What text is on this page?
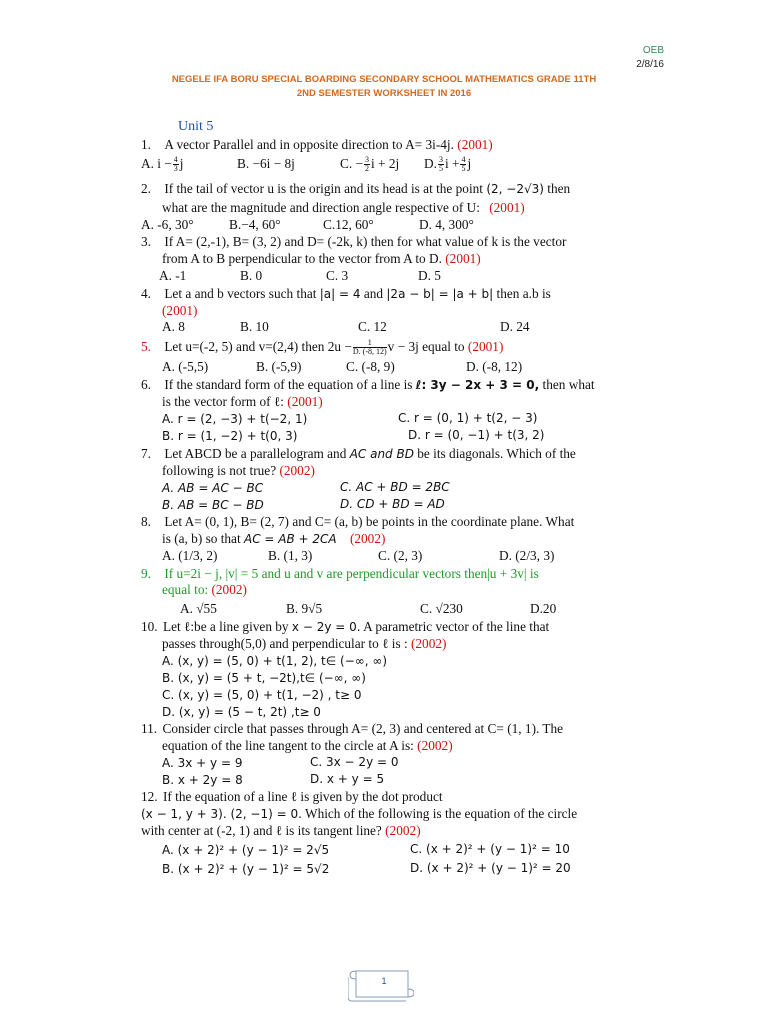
OEB
2/8/16
NEGELE IFA BORU SPECIAL BOARDING SECONDARY SCHOOL MATHEMATICS GRADE 11TH
2ND SEMESTER WORKSHEET IN 2016
Unit 5
1. A vector Parallel and in opposite direction to A= 3i-4j. (2001)
A. $i - \frac{4}{3}$ j	B. −6i − 8j	C. − $\frac{3}{2}$ i + 2j D. $\frac{3}{5}$ $i + \frac{4}{5}$ j
2. If the tail of vector u is the origin and its head is at the point (2, −2√3) then
what are the magnitude and direction angle respective of U: (2001)
A. -6, 30°	B.−4, 60°	C.12, 60°	D. 4, 300°
3. If A= (2,-1), B= (3, 2) and D= (-2k, k) then for what value of k is the vector
from A to B perpendicular to the vector from A to D. (2001)
A. -1	B. 0	C. 3	D. 5
4. Let a and b vectors such that |a| = 4 and |2a − b| = |a + b| then a.b is
(2001)
A. 8	B. 10	C. 12	D. 24
5. Let u=(-2, 5) and v=(2,4) then $2u - \frac{1}{D. (-8, 12)}$ v − 3j equal to (2001)
A. (-5,5)	B. (-5,9)	C. (-8, 9)	D. (-8, 12)
6. If the standard form of the equation of a line is ℓ: 3y − 2x + 3 = 0, then what
is the vector form of ℓ: (2001)
A. r = (2, −3) + t(−2, 1)	C. r = (0, 1) + t(2, − 3)
B. r = (1, −2) + t(0, 3)	D. r = (0, −1) + t(3, 2)
7. Let ABCD be a parallelogram and AC and BD be its diagonals. Which of the
following is not true? (2002)
A. AB = AC − BC	C. AC + BD = 2BC
B. AB = BC − BD	D. CD + BD = AD
8. Let A= (0, 1), B= (2, 7) and C= (a, b) be points in the coordinate plane. What
is (a, b) so that AC = AB + 2CA (2002)
A. (1/3, 2)	B. (1, 3)	C. (2, 3)	D. (2/3, 3)
9. If u=2i − j, |v| = 5 and u and v are perpendicular vectors then|u + 3v| is
equal to: (2002)
A. √55	B. 9√5	C. √230	D.20
10. Let ℓ:be a line given by x − 2y = 0. A parametric vector of the line that
passes through(5,0) and perpendicular to ℓ is : (2002)
A. (x, y) = (5, 0) + t(1, 2), t∈ (−∞, ∞)
B. (x, y) = (5 + t, −2t),t∈ (−∞, ∞)
C. (x, y) = (5, 0) + t(1, −2) , t≥ 0
D. (x, y) = (5 − t, 2t) ,t≥ 0
11. Consider circle that passes through A= (2, 3) and centered at C= (1, 1). The
equation of the line tangent to the circle at A is: (2002)
A. 3x + y = 9	C. 3x − 2y = 0
B. x + 2y = 8	D. x + y = 5
12. If the equation of a line ℓ is given by the dot product
(x − 1, y + 3). (2, −1) = 0. Which of the following is the equation of the circle
with center at (-2, 1) and ℓ is its tangent line? (2002)
A. (x + 2)² + (y − 1)² = 2√5	C. (x + 2)² + (y − 1)² = 10
B. (x + 2)² + (y − 1)² = 5√2	D. (x + 2)² + (y − 1)² = 20
1
